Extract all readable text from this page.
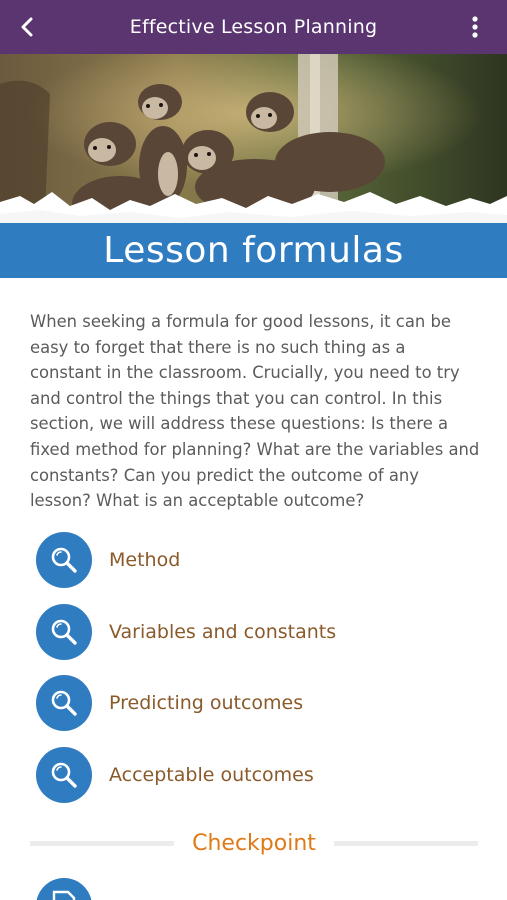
Effective Lesson Planning
Lesson formulas
When seeking a formula for good lessons, it can be easy to forget that there is no such thing as a constant in the classroom. Crucially, you need to try and control the things that you can control. In this section, we will address these questions: Is there a fixed method for planning? What are the variables and constants? Can you predict the outcome of any lesson? What is an acceptable outcome?
Method
Variables and constants
Predicting outcomes
Acceptable outcomes
Checkpoint
